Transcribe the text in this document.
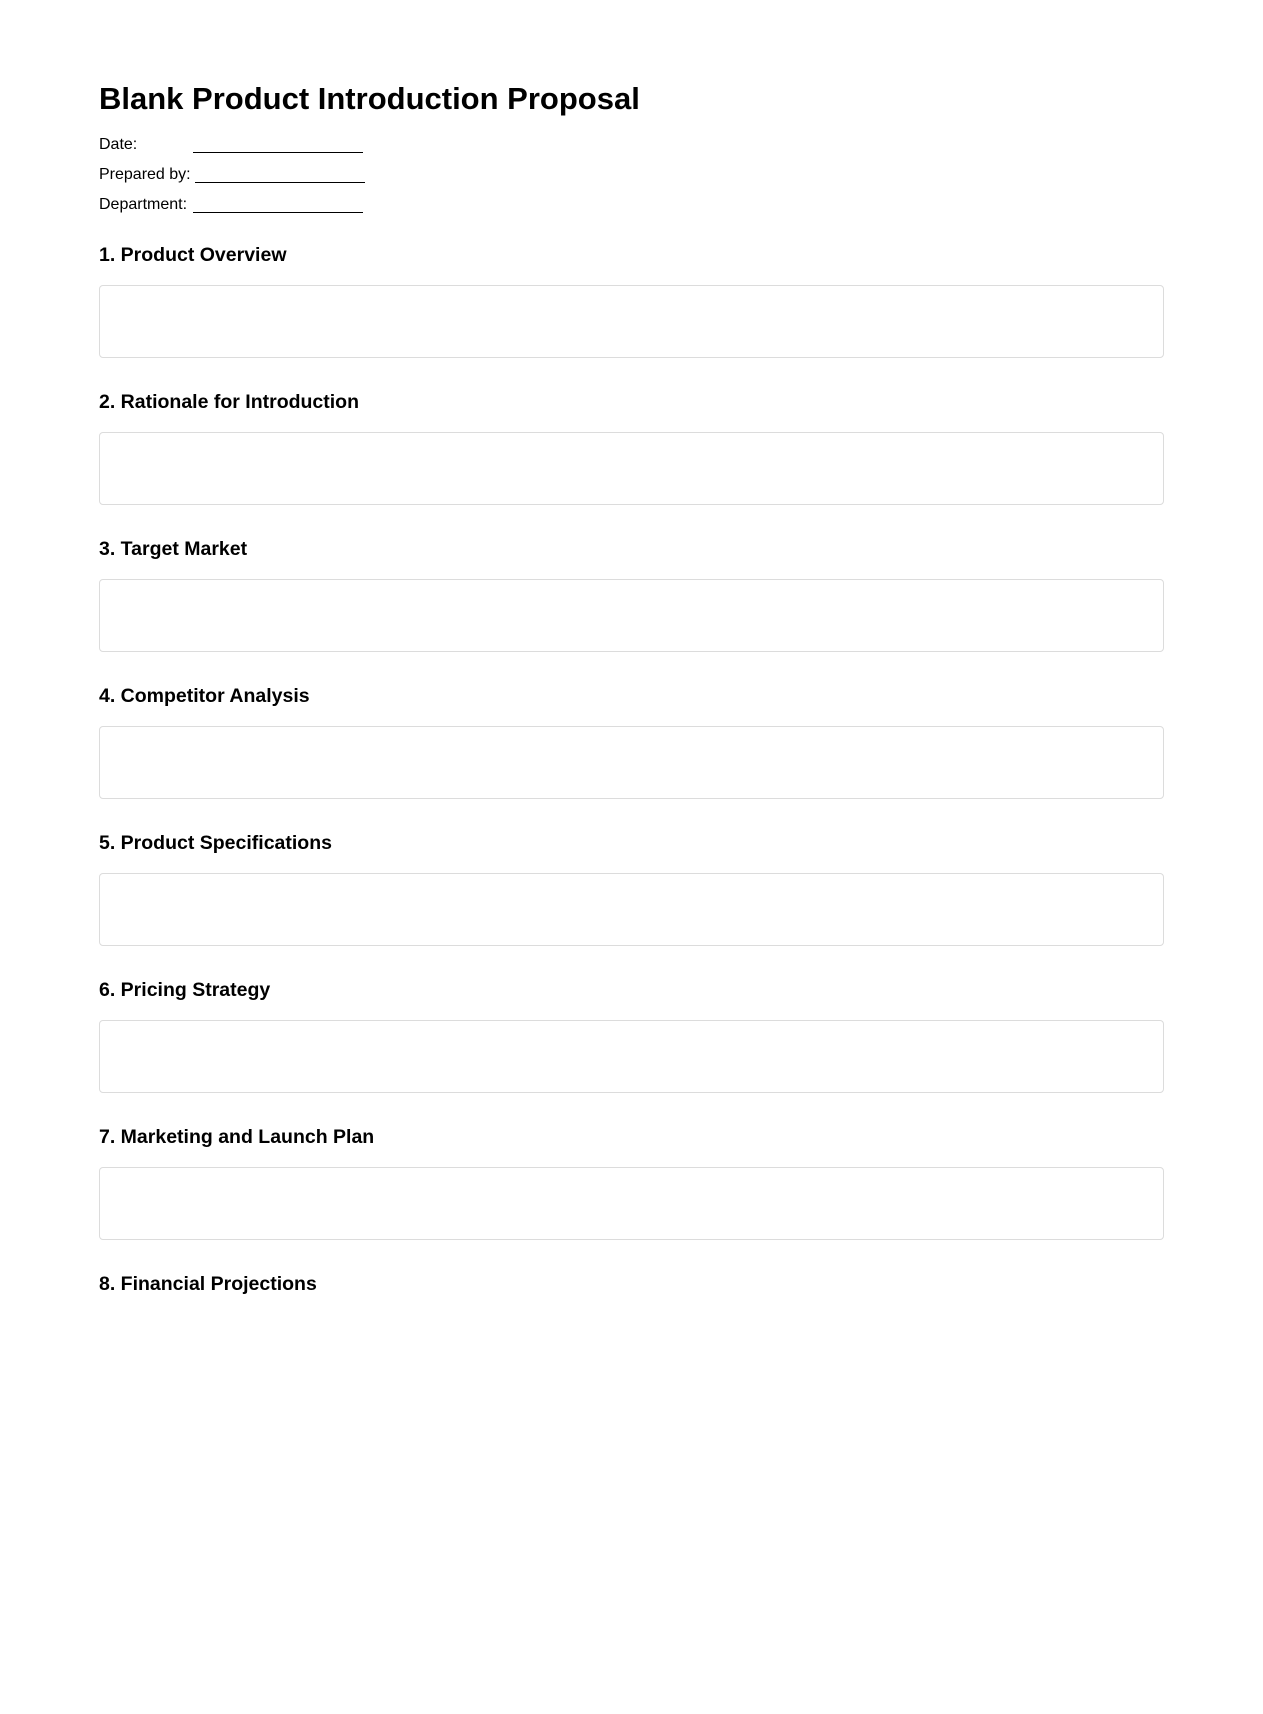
Blank Product Introduction Proposal
Date:
Prepared by:
Department:
1. Product Overview
2. Rationale for Introduction
3. Target Market
4. Competitor Analysis
5. Product Specifications
6. Pricing Strategy
7. Marketing and Launch Plan
8. Financial Projections
